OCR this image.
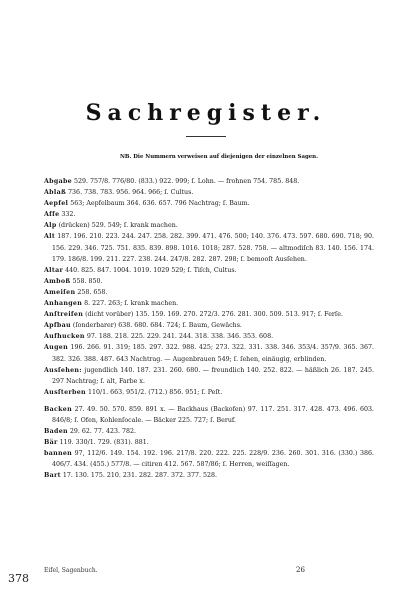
Sachregister.
NB. Die Nummern verweisen auf diejenigen der einzelnen Sagen.

Abgabe 529. 757/8. 776/80. (833.) 922. 999; ſ. Lohn. — frohnen 754. 785. 848.

Ablaß 736. 738. 783. 956. 964. 966; ſ. Cultus.

Aepfel 563; Aepfelbaum 364. 636. 657. 796 Nachtrag; ſ. Baum.

Affe 332.

Alp (drücken) 529. 549; ſ. krank machen.

Alt 187. 196. 210. 223. 244. 247. 258. 282. 399. 471. 476. 500; 140. 376. 473. 597. 680. 690. 718; 90. 156. 229. 346. 725. 751. 835. 839. 898. 1016. 1018; 287. 528. 758. — altmodiſch 83. 140. 156. 174. 179. 186/8. 199. 211. 227. 238. 244. 247/8. 282. 287. 298; ſ. bemooſt Ausſehen.

Altar 440. 825. 847. 1004. 1019. 1029 529; ſ. Tiſch, Cultus.

Amboß 558. 850.

Ameiſen 258. 658.

Anhangen 8. 227. 263; ſ. krank machen.

Anſtreifen (dicht vorüber) 135. 159. 169. 270. 272/3. 276. 281. 300. 509. 513. 917; ſ. Ferſe.

Apfbau (ſonderbarer) 638. 680. 684. 724; ſ. Baum, Gewächs.

Aufhucken 97. 188. 218. 225. 229. 241. 244. 318. 338. 346. 353. 608.

Augen 196. 266. 91. 319; 185. 297. 322. 988. 425; 273. 322. 331. 338. 346. 353/4. 357/9. 365. 367. 382. 326. 388. 487. 643 Nachtrag. — Augenbrauen 549; ſ. ſehen, einäugig, erblinden.

Ausſehen: jugendlich 140. 187. 231. 260. 680. — freundlich 140. 252. 822. — häßlich 26. 187. 245. 297 Nachtrag; ſ. alt, Farbe x.

Ausſterben 110/1. 663. 951/2. (712.) 856. 951; ſ. Peſt.

Backen 27. 49. 50. 570. 859. 891 x. — Backhaus (Backofen) 97. 117. 251. 317. 428. 473. 496. 603. 846/8; ſ. Ofen, Kohlenſocale. — Bäcker 225. 727; ſ. Beruf.

Baden 29. 62. 77. 423. 782.

Bär 119. 330/1. 729. (831). 881.

bannen 97, 112/6. 149. 154. 192. 196. 217/8. 220. 222. 225. 228/9. 236. 260. 301. 316. (330.) 386. 406/7. 434. (455.) 577/8. — citiren 412. 567. 587/86; ſ. Herren, weiſſagen.

Bart 17. 130. 175. 210. 231. 282. 287. 372. 377. 528.

Eifel, Sagenbuch.	26
378
